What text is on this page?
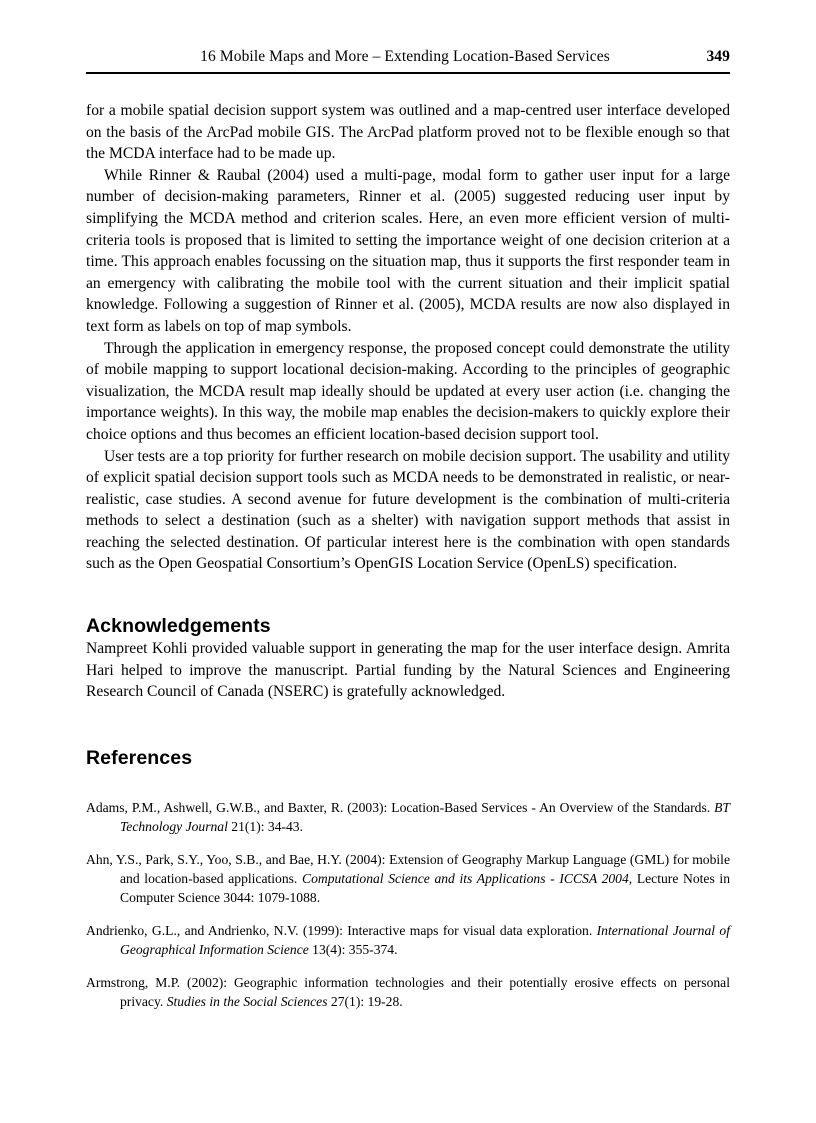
16 Mobile Maps and More – Extending Location-Based Services	349

for a mobile spatial decision support system was outlined and a map-centred user interface developed on the basis of the ArcPad mobile GIS. The ArcPad platform proved not to be flexible enough so that the MCDA interface had to be made up.

While Rinner & Raubal (2004) used a multi-page, modal form to gather user input for a large number of decision-making parameters, Rinner et al. (2005) suggested reducing user input by simplifying the MCDA method and criterion scales. Here, an even more efficient version of multi-criteria tools is proposed that is limited to setting the importance weight of one decision criterion at a time. This approach enables focussing on the situation map, thus it supports the first responder team in an emergency with calibrating the mobile tool with the current situation and their implicit spatial knowledge. Following a suggestion of Rinner et al. (2005), MCDA results are now also displayed in text form as labels on top of map symbols.

Through the application in emergency response, the proposed concept could demonstrate the utility of mobile mapping to support locational decision-making. According to the principles of geographic visualization, the MCDA result map ideally should be updated at every user action (i.e. changing the importance weights). In this way, the mobile map enables the decision-makers to quickly explore their choice options and thus becomes an efficient location-based decision support tool.

User tests are a top priority for further research on mobile decision support. The usability and utility of explicit spatial decision support tools such as MCDA needs to be demonstrated in realistic, or near-realistic, case studies. A second avenue for future development is the combination of multi-criteria methods to select a destination (such as a shelter) with navigation support methods that assist in reaching the selected destination. Of particular interest here is the combination with open standards such as the Open Geospatial Consortium’s OpenGIS Location Service (OpenLS) specification.

Acknowledgements

Nampreet Kohli provided valuable support in generating the map for the user interface design. Amrita Hari helped to improve the manuscript. Partial funding by the Natural Sciences and Engineering Research Council of Canada (NSERC) is gratefully acknowledged.

References

Adams, P.M., Ashwell, G.W.B., and Baxter, R. (2003): Location-Based Services - An Overview of the Standards. BT Technology Journal 21(1): 34-43.

Ahn, Y.S., Park, S.Y., Yoo, S.B., and Bae, H.Y. (2004): Extension of Geography Markup Language (GML) for mobile and location-based applications. Computational Science and its Applications - ICCSA 2004, Lecture Notes in Computer Science 3044: 1079-1088.

Andrienko, G.L., and Andrienko, N.V. (1999): Interactive maps for visual data exploration. International Journal of Geographical Information Science 13(4): 355-374.

Armstrong, M.P. (2002): Geographic information technologies and their potentially erosive effects on personal privacy. Studies in the Social Sciences 27(1): 19-28.
